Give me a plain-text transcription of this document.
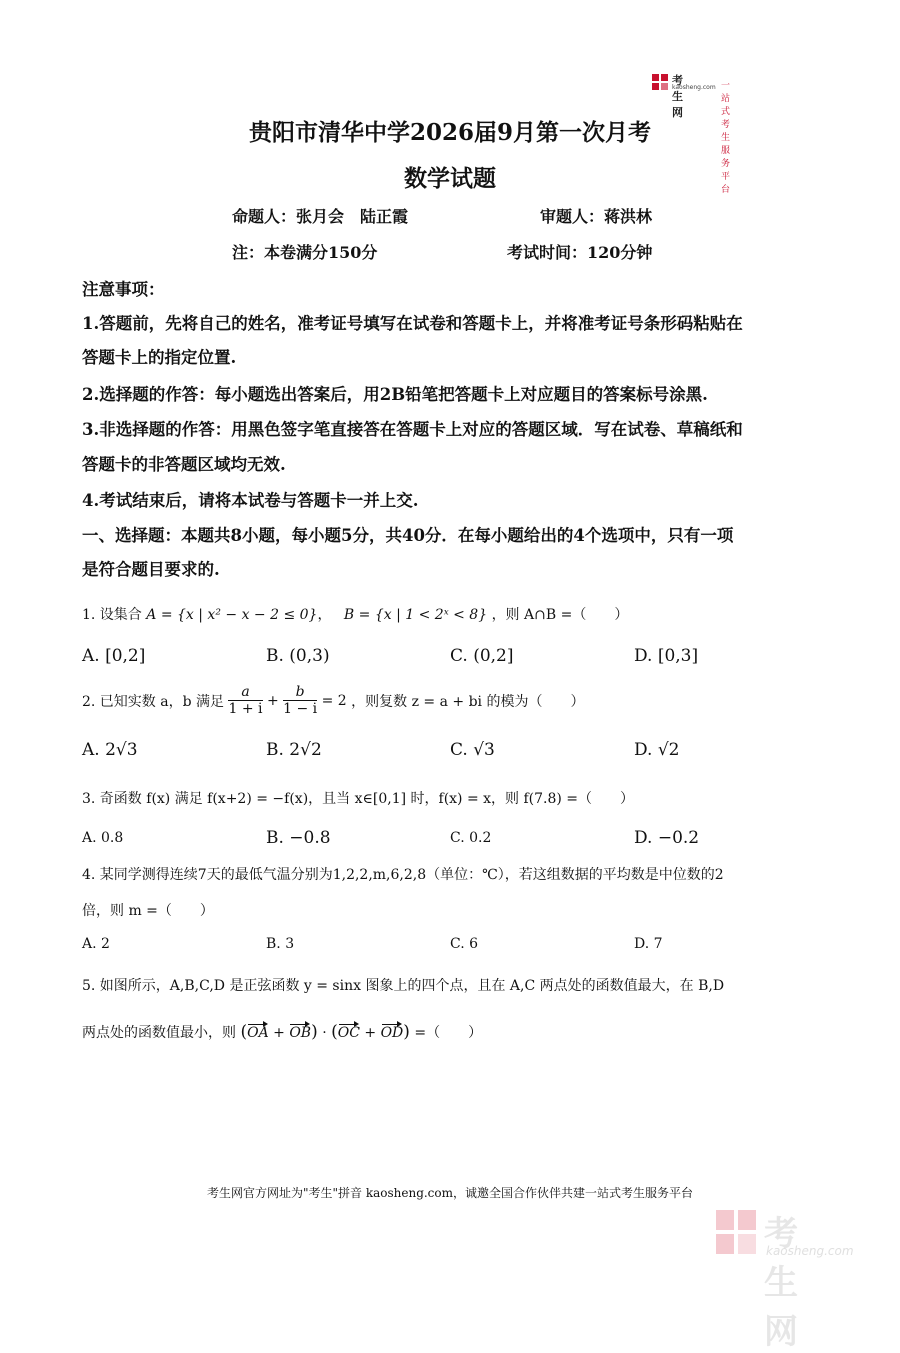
考生网
kaosheng.com 一站式考生服务平台
贵阳市清华中学2026届9月第一次月考
数学试题
命题人：张月会　陆正霞	审题人：蒋洪林
注：本卷满分150分	考试时间：120分钟
注意事项：
1.答题前，先将自己的姓名，准考证号填写在试卷和答题卡上，并将准考证号条形码粘贴在
答题卡上的指定位置.
2.选择题的作答：每小题选出答案后，用2B铅笔把答题卡上对应题目的答案标号涂黑.
3.非选择题的作答：用黑色签字笔直接答在答题卡上对应的答题区域．写在试卷、草稿纸和
答题卡的非答题区域均无效.
4.考试结束后，请将本试卷与答题卡一并上交.
一、选择题：本题共8小题，每小题5分，共40分．在每小题给出的4个选项中，只有一项
是符合题目要求的.
1. 设集合 A = {x | x² − x − 2 ≤ 0}， B = {x | 1 < 2ˣ < 8} ，则 A∩B =（　　）
A. [0,2]	B. (0,3)	C. (0,2]	D. [0,3]
2. 已知实数 a，b 满足 $\frac{a}{1 + i} + \frac{b}{1 - i} = 2$ ，则复数 z = a + bi 的模为（　　）
A. 2√3	B. 2√2	C. √3	D. √2
3. 奇函数 f(x) 满足 f(x+2) = −f(x)，且当 x∈[0,1] 时，f(x) = x，则 f(7.8) =（　　）
A. 0.8	B. −0.8	C. 0.2	D. −0.2
4. 某同学测得连续7天的最低气温分别为1,2,2,m,6,2,8（单位：℃），若这组数据的平均数是中位数的2
倍，则 m =（　　）
A. 2	B. 3	C. 6	D. 7
5. 如图所示，A,B,C,D 是正弦函数 y = sinx 图象上的四个点，且在 A,C 两点处的函数值最大，在 B,D
两点处的函数值最小，则 (OA + OB) · (OC + OD) =（　　）
考生网官方网址为"考生"拼音 kaosheng.com，诚邀全国合作伙伴共建一站式考生服务平台
考生网
kaosheng.com
